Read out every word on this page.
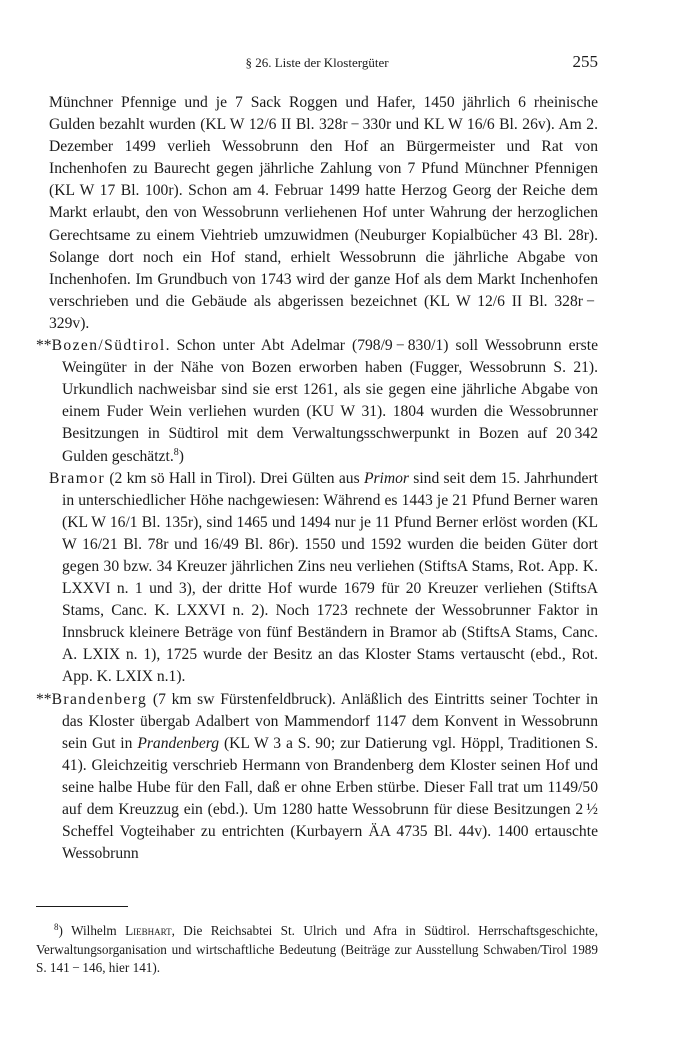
§ 26. Liste der Klostergüter	255

Münchner Pfennige und je 7 Sack Roggen und Hafer, 1450 jährlich 6 rheinische Gulden bezahlt wurden (KL W 12/6 II Bl. 328r − 330r und KL W 16/6 Bl. 26v). Am 2. Dezember 1499 verlieh Wessobrunn den Hof an Bürgermeister und Rat von Inchenhofen zu Baurecht gegen jährliche Zahlung von 7 Pfund Münchner Pfennigen (KL W 17 Bl. 100r). Schon am 4. Februar 1499 hatte Herzog Georg der Reiche dem Markt erlaubt, den von Wessobrunn verliehenen Hof unter Wahrung der herzoglichen Gerechtsame zu einem Viehtrieb umzuwidmen (Neuburger Kopialbücher 43 Bl. 28r). Solange dort noch ein Hof stand, erhielt Wessobrunn die jährliche Abgabe von Inchenhofen. Im Grundbuch von 1743 wird der ganze Hof als dem Markt Inchenhofen verschrieben und die Gebäude als abgerissen bezeichnet (KL W 12/6 II Bl. 328r − 329v).

**Bozen/Südtirol. Schon unter Abt Adelmar (798/9 − 830/1) soll Wessobrunn erste Weingüter in der Nähe von Bozen erworben haben (Fugger, Wessobrunn S. 21). Urkundlich nachweisbar sind sie erst 1261, als sie gegen eine jährliche Abgabe von einem Fuder Wein verliehen wurden (KU W 31). 1804 wurden die Wessobrunner Besitzungen in Südtirol mit dem Verwaltungsschwerpunkt in Bozen auf 20 342 Gulden geschätzt.$^8$)

Bramor (2 km sö Hall in Tirol). Drei Gülten aus Primor sind seit dem 15. Jahrhundert in unterschiedlicher Höhe nachgewiesen: Während es 1443 je 21 Pfund Berner waren (KL W 16/1 Bl. 135r), sind 1465 und 1494 nur je 11 Pfund Berner erlöst worden (KL W 16/21 Bl. 78r und 16/49 Bl. 86r). 1550 und 1592 wurden die beiden Güter dort gegen 30 bzw. 34 Kreuzer jährlichen Zins neu verliehen (StiftsA Stams, Rot. App. K. LXXVI n. 1 und 3), der dritte Hof wurde 1679 für 20 Kreuzer verliehen (StiftsA Stams, Canc. K. LXXVI n. 2). Noch 1723 rechnete der Wessobrunner Faktor in Innsbruck kleinere Beträge von fünf Beständern in Bramor ab (StiftsA Stams, Canc. A. LXIX n. 1), 1725 wurde der Besitz an das Kloster Stams vertauscht (ebd., Rot. App. K. LXIX n.1).

**Brandenberg (7 km sw Fürstenfeldbruck). Anläßlich des Eintritts seiner Tochter in das Kloster übergab Adalbert von Mammendorf 1147 dem Konvent in Wessobrunn sein Gut in Prandenberg (KL W 3 a S. 90; zur Datierung vgl. Höppl, Traditionen S. 41). Gleichzeitig verschrieb Hermann von Brandenberg dem Kloster seinen Hof und seine halbe Hube für den Fall, daß er ohne Erben stürbe. Dieser Fall trat um 1149/50 auf dem Kreuzzug ein (ebd.). Um 1280 hatte Wessobrunn für diese Besitzungen 2 ½ Scheffel Vogteihaber zu entrichten (Kurbayern ÄA 4735 Bl. 44v). 1400 ertauschte Wessobrunn

$^8$) Wilhelm Liebhart, Die Reichsabtei St. Ulrich und Afra in Südtirol. Herrschaftsgeschichte, Verwaltungsorganisation und wirtschaftliche Bedeutung (Beiträge zur Ausstellung Schwaben/Tirol 1989 S. 141 − 146, hier 141).
